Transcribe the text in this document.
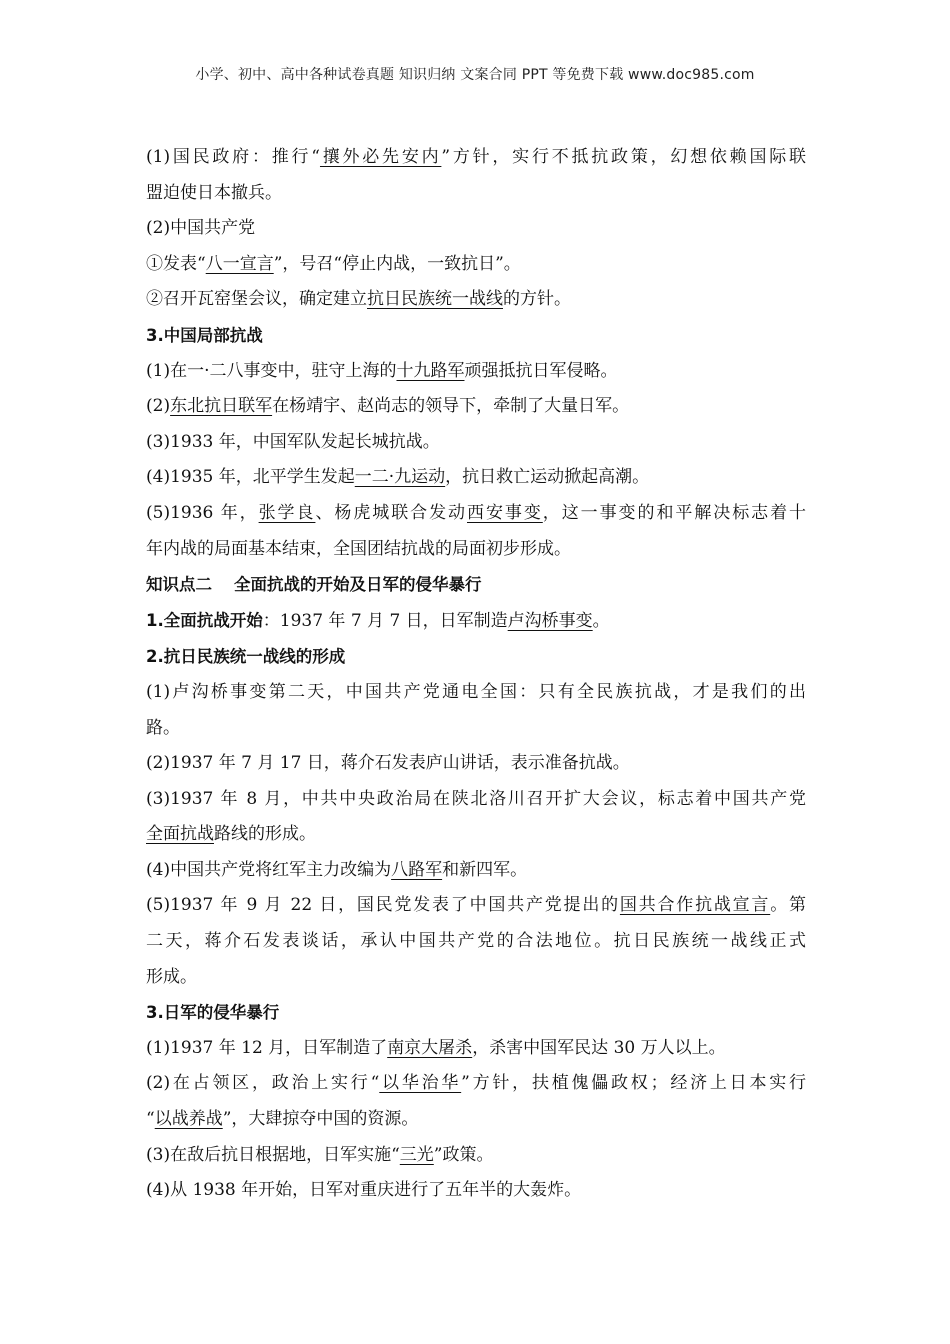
小学、初中、高中各种试卷真题 知识归纳 文案合同 PPT 等免费下载 www.doc985.com
(1)国民政府：推行“攘外必先安内”方针，实行不抵抗政策，幻想依赖国际联
盟迫使日本撤兵。
(2)中国共产党
①发表“八一宣言”，号召“停止内战，一致抗日”。
②召开瓦窑堡会议，确定建立抗日民族统一战线的方针。
3.中国局部抗战
(1)在一·二八事变中，驻守上海的十九路军顽强抵抗日军侵略。
(2)东北抗日联军在杨靖宇、赵尚志的领导下，牵制了大量日军。
(3)1933 年，中国军队发起长城抗战。
(4)1935 年，北平学生发起一二·九运动，抗日救亡运动掀起高潮。
(5)1936 年，张学良、杨虎城联合发动西安事变，这一事变的和平解决标志着十
年内战的局面基本结束，全国团结抗战的局面初步形成。
知识点二 全面抗战的开始及日军的侵华暴行
1.全面抗战开始：1937 年 7 月 7 日，日军制造卢沟桥事变。
2.抗日民族统一战线的形成
(1)卢沟桥事变第二天，中国共产党通电全国：只有全民族抗战，才是我们的出
路。
(2)1937 年 7 月 17 日，蒋介石发表庐山讲话，表示准备抗战。
(3)1937 年 8 月，中共中央政治局在陕北洛川召开扩大会议，标志着中国共产党
全面抗战路线的形成。
(4)中国共产党将红军主力改编为八路军和新四军。
(5)1937 年 9 月 22 日，国民党发表了中国共产党提出的国共合作抗战宣言。第
二天，蒋介石发表谈话，承认中国共产党的合法地位。抗日民族统一战线正式
形成。
3.日军的侵华暴行
(1)1937 年 12 月，日军制造了南京大屠杀，杀害中国军民达 30 万人以上。
(2)在占领区，政治上实行“以华治华”方针，扶植傀儡政权；经济上日本实行
“以战养战”，大肆掠夺中国的资源。
(3)在敌后抗日根据地，日军实施“三光”政策。
(4)从 1938 年开始，日军对重庆进行了五年半的大轰炸。
